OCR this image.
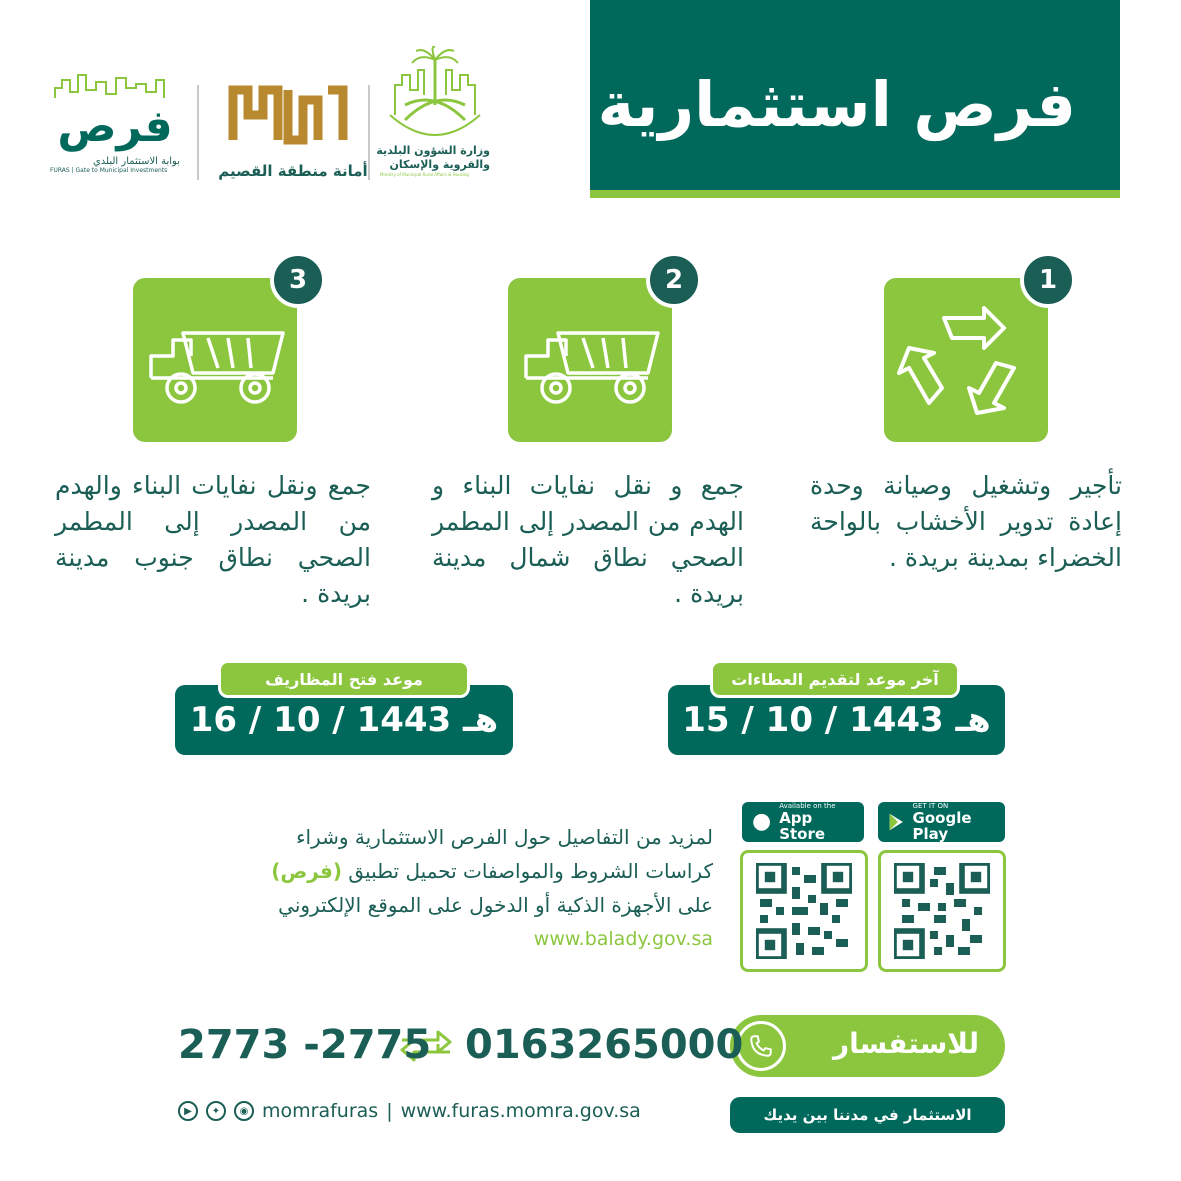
فرص استثمارية
وزارة الشؤون البلدية
والقروية والإسكان
Ministry of Municipal Rural Affairs & Housing
أمانة منطقة القصيم
فرص
بوابة الاستثمار البلدي
FURAS | Gate to Municipal Investments
1
تأجير وتشغيل وصيانة وحدة إعادة تدوير الأخشاب بالواحة الخضراء بمدينة بريدة .
2
جمع و نقل نفايات البناء و الهدم من المصدر إلى المطمر الصحي نطاق شمال مدينة بريدة .
3
جمع ونقل نفايات البناء والهدم من المصدر إلى المطمر الصحي نطاق جنوب مدينة بريدة .
15 / 10 / 1443 هـ
آخر موعد لتقديم العطاءات
16 / 10 / 1443 هـ
موعد فتح المظاريف
●
Available on the
App Store
GET IT ON
Google Play
لمزيد من التفاصيل حول الفرص الاستثمارية وشراء
كراسات الشروط والمواصفات تحميل تطبيق (فرص)
على الأجهزة الذكية أو الدخول على الموقع الإلكتروني
www.balady.gov.sa
للاستفسار
0163265000
2773 -2775
الاستثمار في مدننا بين يديك
▶	✦	◉ momrafuras | www.furas.momra.gov.sa
